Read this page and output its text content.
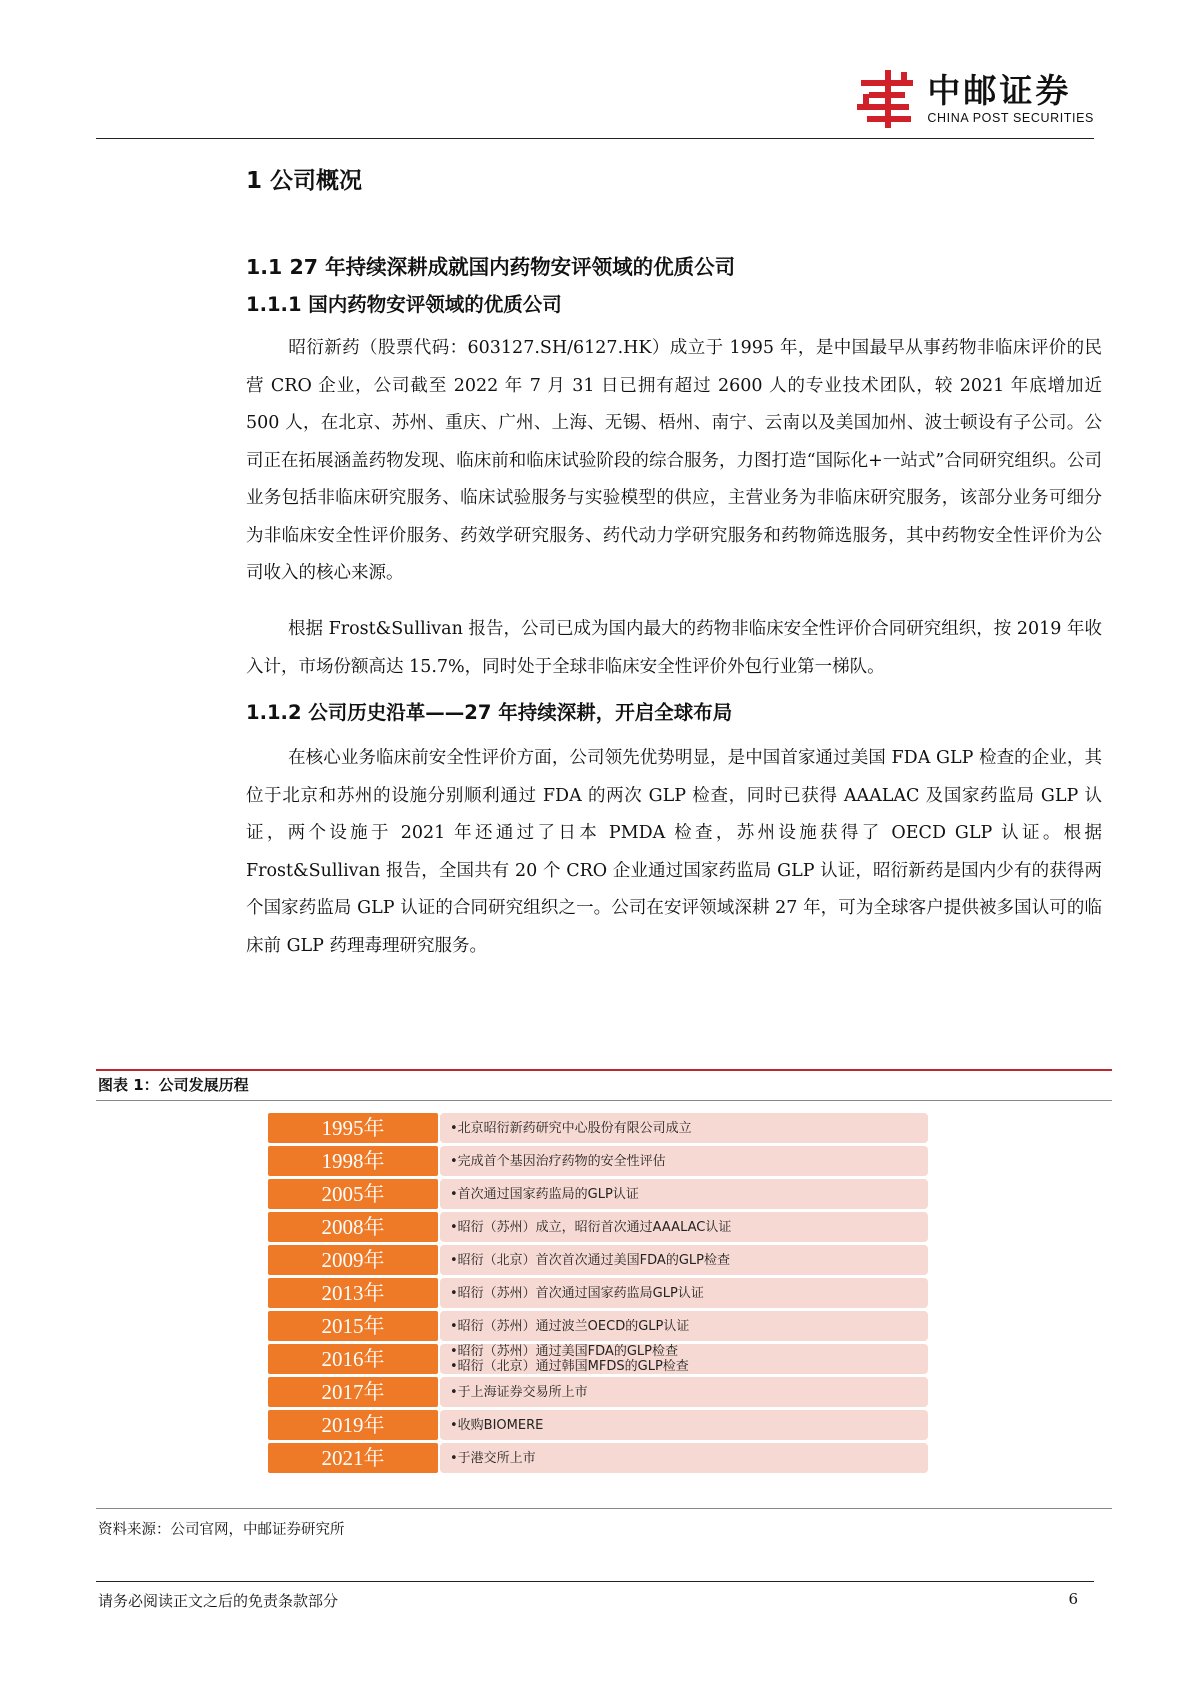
中邮证券
CHINA POST SECURITIES
1 公司概况
1.1 27 年持续深耕成就国内药物安评领域的优质公司
1.1.1 国内药物安评领域的优质公司
昭衍新药（股票代码：603127.SH/6127.HK）成立于 1995 年，是中国最早从事药物非临床评价的民营 CRO 企业，公司截至 2022 年 7 月 31 日已拥有超过 2600 人的专业技术团队，较 2021 年底增加近 500 人，在北京、苏州、重庆、广州、上海、无锡、梧州、南宁、云南以及美国加州、波士顿设有子公司。公司正在拓展涵盖药物发现、临床前和临床试验阶段的综合服务，力图打造“国际化+一站式”合同研究组织。公司业务包括非临床研究服务、临床试验服务与实验模型的供应，主营业务为非临床研究服务，该部分业务可细分为非临床安全性评价服务、药效学研究服务、药代动力学研究服务和药物筛选服务，其中药物安全性评价为公司收入的核心来源。
根据 Frost&Sullivan 报告，公司已成为国内最大的药物非临床安全性评价合同研究组织，按 2019 年收入计，市场份额高达 15.7%，同时处于全球非临床安全性评价外包行业第一梯队。
1.1.2 公司历史沿革——27 年持续深耕，开启全球布局
在核心业务临床前安全性评价方面，公司领先优势明显，是中国首家通过美国 FDA GLP 检查的企业，其位于北京和苏州的设施分别顺利通过 FDA 的两次 GLP 检查，同时已获得 AAALAC 及国家药监局 GLP 认证，两个设施于 2021 年还通过了日本 PMDA 检查，苏州设施获得了 OECD GLP 认证。根据 Frost&Sullivan 报告，全国共有 20 个 CRO 企业通过国家药监局 GLP 认证，昭衍新药是国内少有的获得两个国家药监局 GLP 认证的合同研究组织之一。公司在安评领域深耕 27 年，可为全球客户提供被多国认可的临床前 GLP 药理毒理研究服务。
图表 1：公司发展历程
1995年	•北京昭衍新药研究中心股份有限公司成立
1998年	•完成首个基因治疗药物的安全性评估
2005年	•首次通过国家药监局的GLP认证
2008年	•昭衍（苏州）成立，昭衍首次通过AAALAC认证
2009年	•昭衍（北京）首次首次通过美国FDA的GLP检查
2013年	•昭衍（苏州）首次通过国家药监局GLP认证
2015年	•昭衍（苏州）通过波兰OECD的GLP认证
2016年	•昭衍（苏州）通过美国FDA的GLP检查
•昭衍（北京）通过韩国MFDS的GLP检查
2017年	•于上海证券交易所上市
2019年	•收购BIOMERE
2021年	•于港交所上市
资料来源：公司官网，中邮证券研究所
请务必阅读正文之后的免责条款部分	6
